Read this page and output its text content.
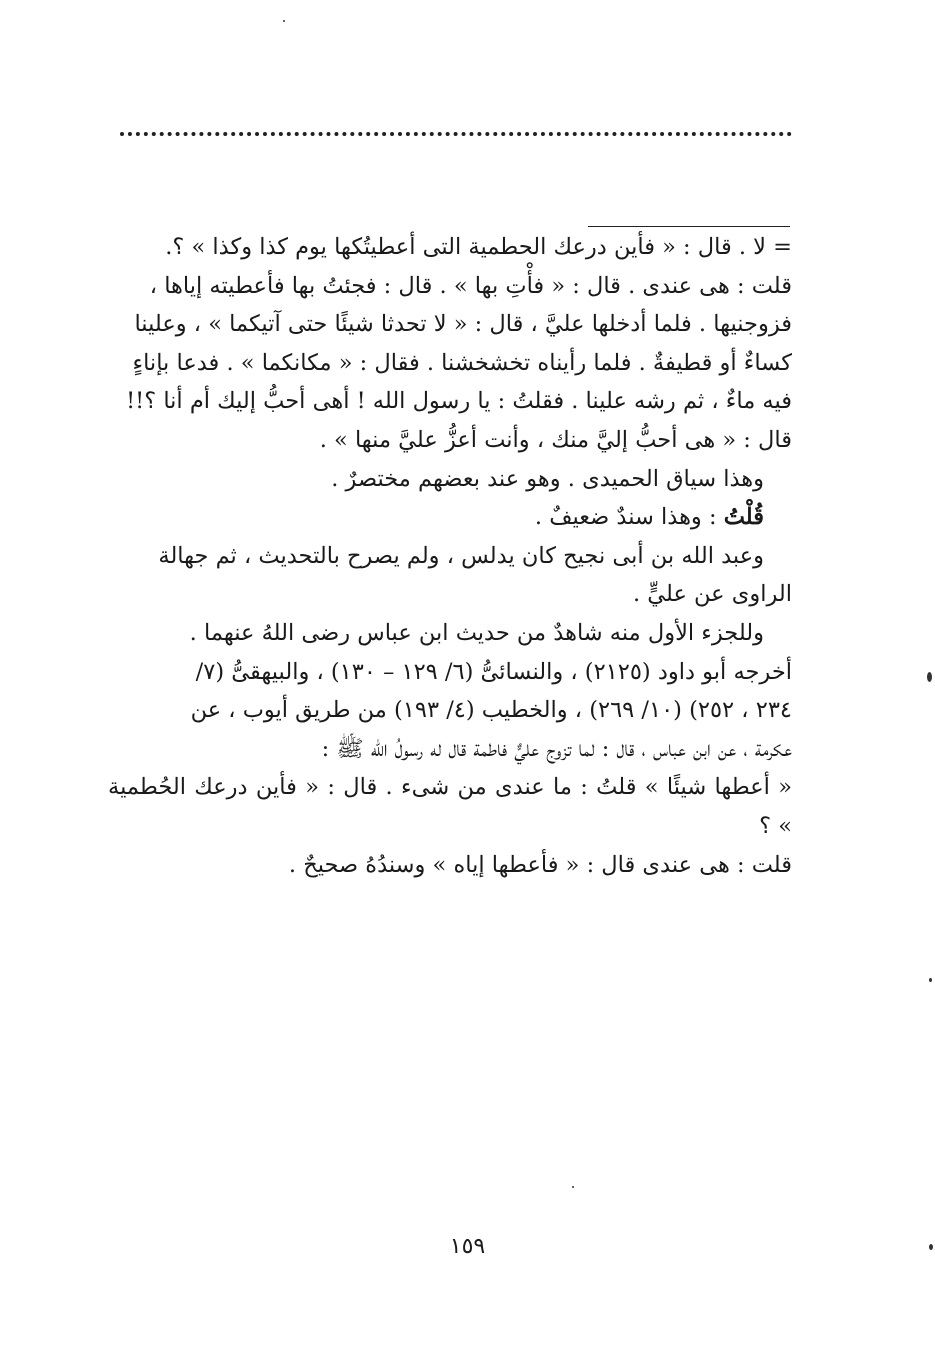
= لا . قال : « فأين درعك الحطمية التى أعطيتُكها يوم كذا وكذا » ؟.

قلت : هى عندى . قال : « فأْتِ بها » . قال : فجئتُ بها فأعطيته إياها ،

فزوجنيها . فلما أدخلها عليَّ ، قال : « لا تحدثا شيئًا حتى آتيكما » ، وعلينا

كساءٌ أو قطيفةٌ . فلما رأيناه تخشخشنا . فقال : « مكانكما » . فدعا بإناءٍ

فيه ماءٌ ، ثم رشه علينا . فقلتُ : يا رسول الله ! أهى أحبُّ إليك أم أنا ؟!!

قال : « هى أحبُّ إليَّ منك ، وأنت أعزُّ عليَّ منها » .

وهذا سياق الحميدى . وهو عند بعضهم مختصرٌ .

قُلْتُ : وهذا سندٌ ضعيفٌ .

وعبد الله بن أبى نجيح كان يدلس ، ولم يصرح بالتحديث ، ثم جهالة

الراوى عن عليٍّ .

وللجزء الأول منه شاهدٌ من حديث ابن عباس رضى اللهُ عنهما .

أخرجه أبو داود (٢١٢٥) ، والنسائىُّ (٦/ ١٢٩ – ١٣٠) ، والبيهقىُّ (٧/

٢٣٤ ، ٢٥٢) (١٠/ ٢٦٩) ، والخطيب (٤/ ١٩٣) من طريق أيوب ، عن

عكرمة ، عن ابن عباس ، قال : لما تزوج عليٌّ فاطمة قال له رسولُ الله ﷺ :

« أعطها شيئًا » قلتُ : ما عندى من شىء . قال : « فأين درعك الحُطمية » ؟

قلت : هى عندى قال : « فأعطها إياه » وسندُهُ صحيحٌ .

١٥٩
